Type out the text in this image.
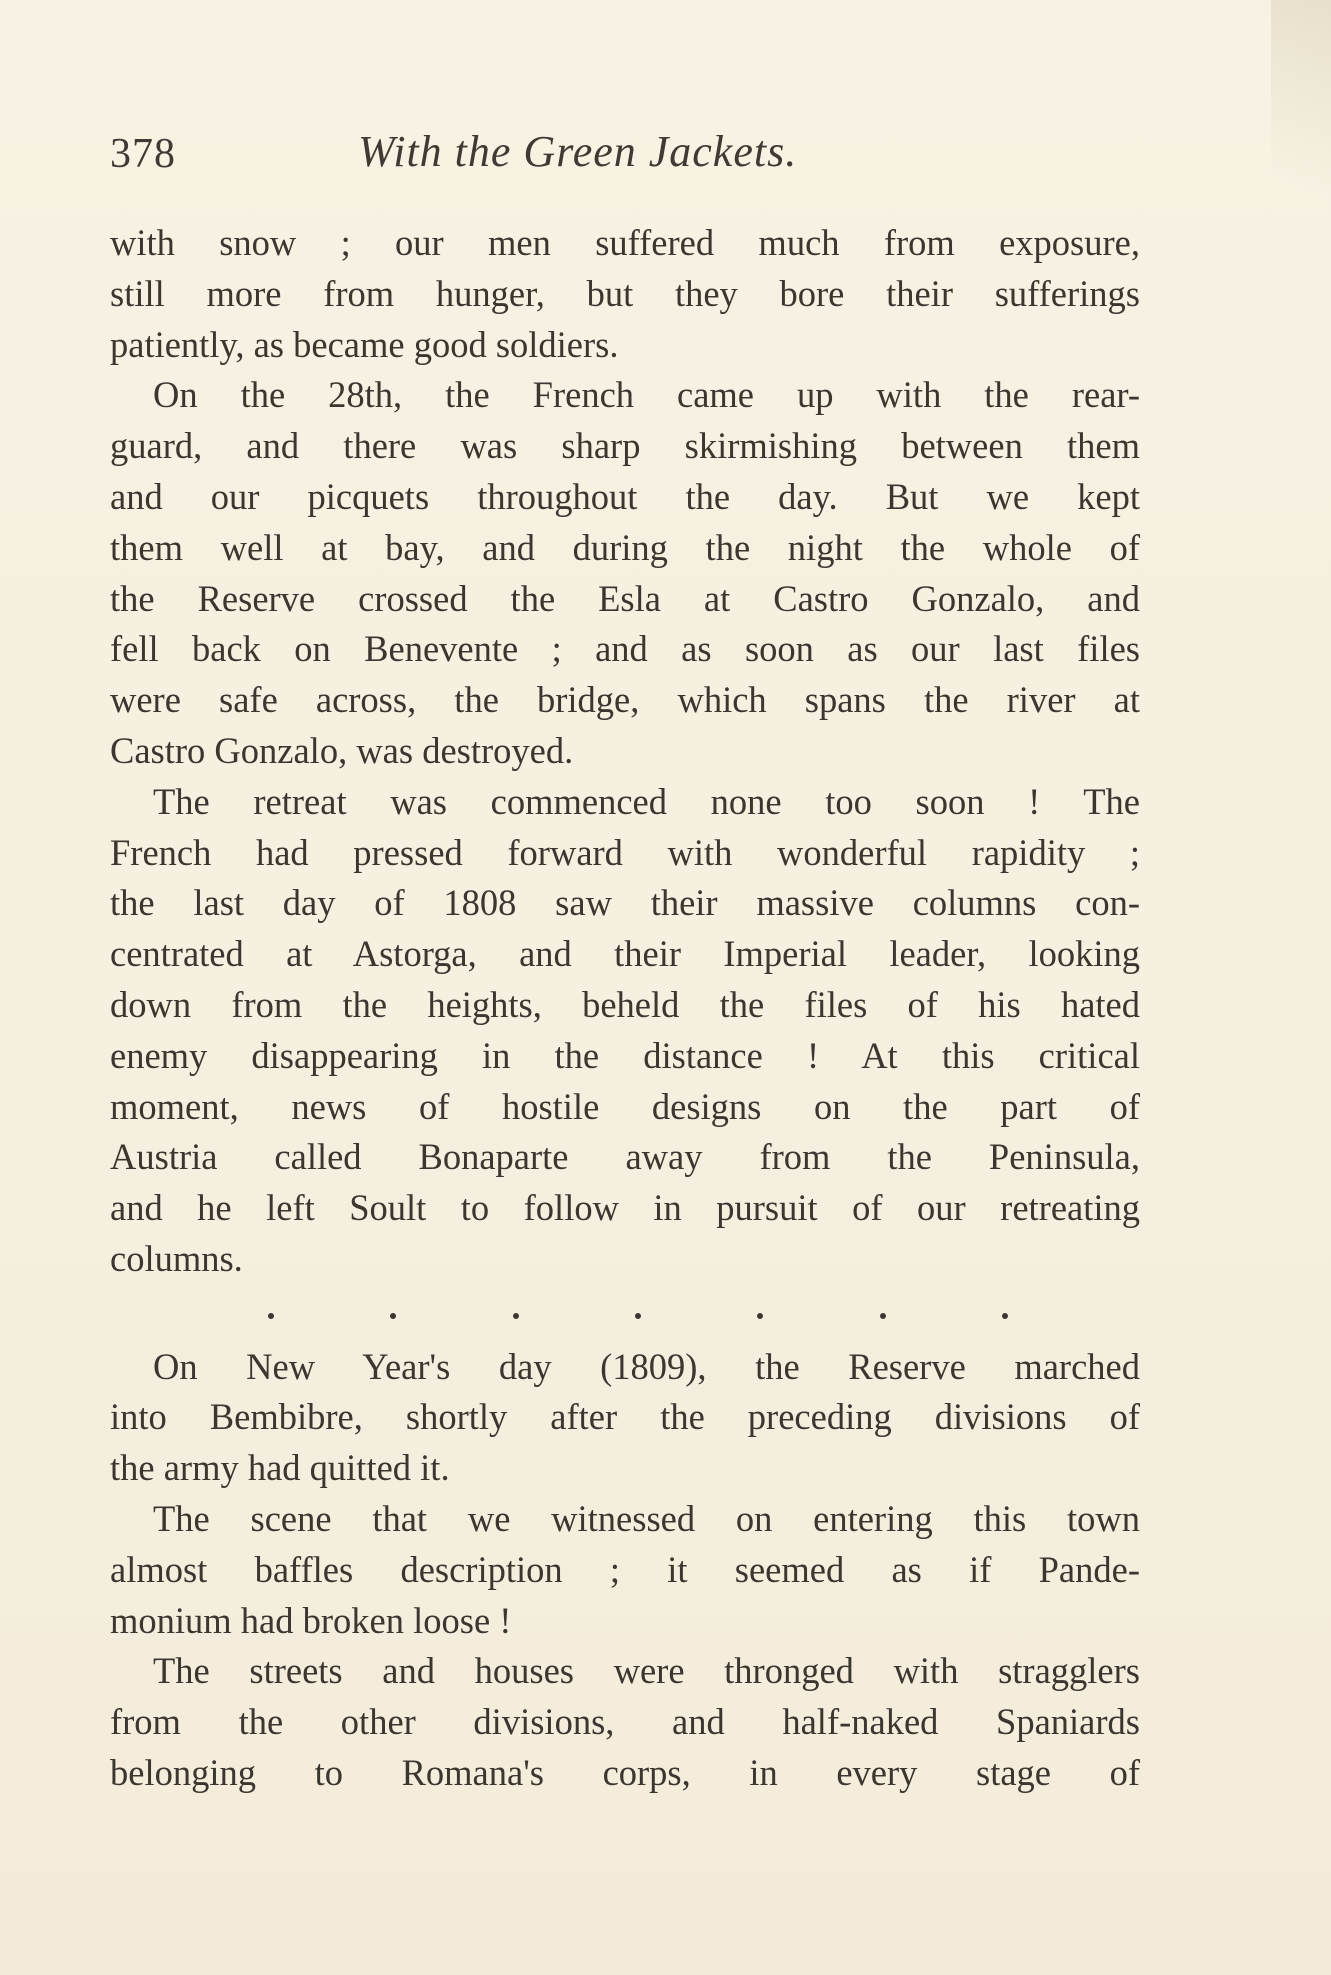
378	With the Green Jackets.
with snow ; our men suffered much from exposure,
still more from hunger, but they bore their sufferings
patiently, as became good soldiers.
On the 28th, the French came up with the rear-
guard, and there was sharp skirmishing between them
and our picquets throughout the day. But we kept
them well at bay, and during the night the whole of
the Reserve crossed the Esla at Castro Gonzalo, and
fell back on Benevente ; and as soon as our last files
were safe across, the bridge, which spans the river at
Castro Gonzalo, was destroyed.
The retreat was commenced none too soon ! The
French had pressed forward with wonderful rapidity ;
the last day of 1808 saw their massive columns con-
centrated at Astorga, and their Imperial leader, looking
down from the heights, beheld the files of his hated
enemy disappearing in the distance ! At this critical
moment, news of hostile designs on the part of
Austria called Bonaparte away from the Peninsula,
and he left Soult to follow in pursuit of our retreating
columns.
On New Year's day (1809), the Reserve marched
into Bembibre, shortly after the preceding divisions of
the army had quitted it.
The scene that we witnessed on entering this town
almost baffles description ; it seemed as if Pande-
monium had broken loose !
The streets and houses were thronged with stragglers
from the other divisions, and half-naked Spaniards
belonging to Romana's corps, in every stage of
